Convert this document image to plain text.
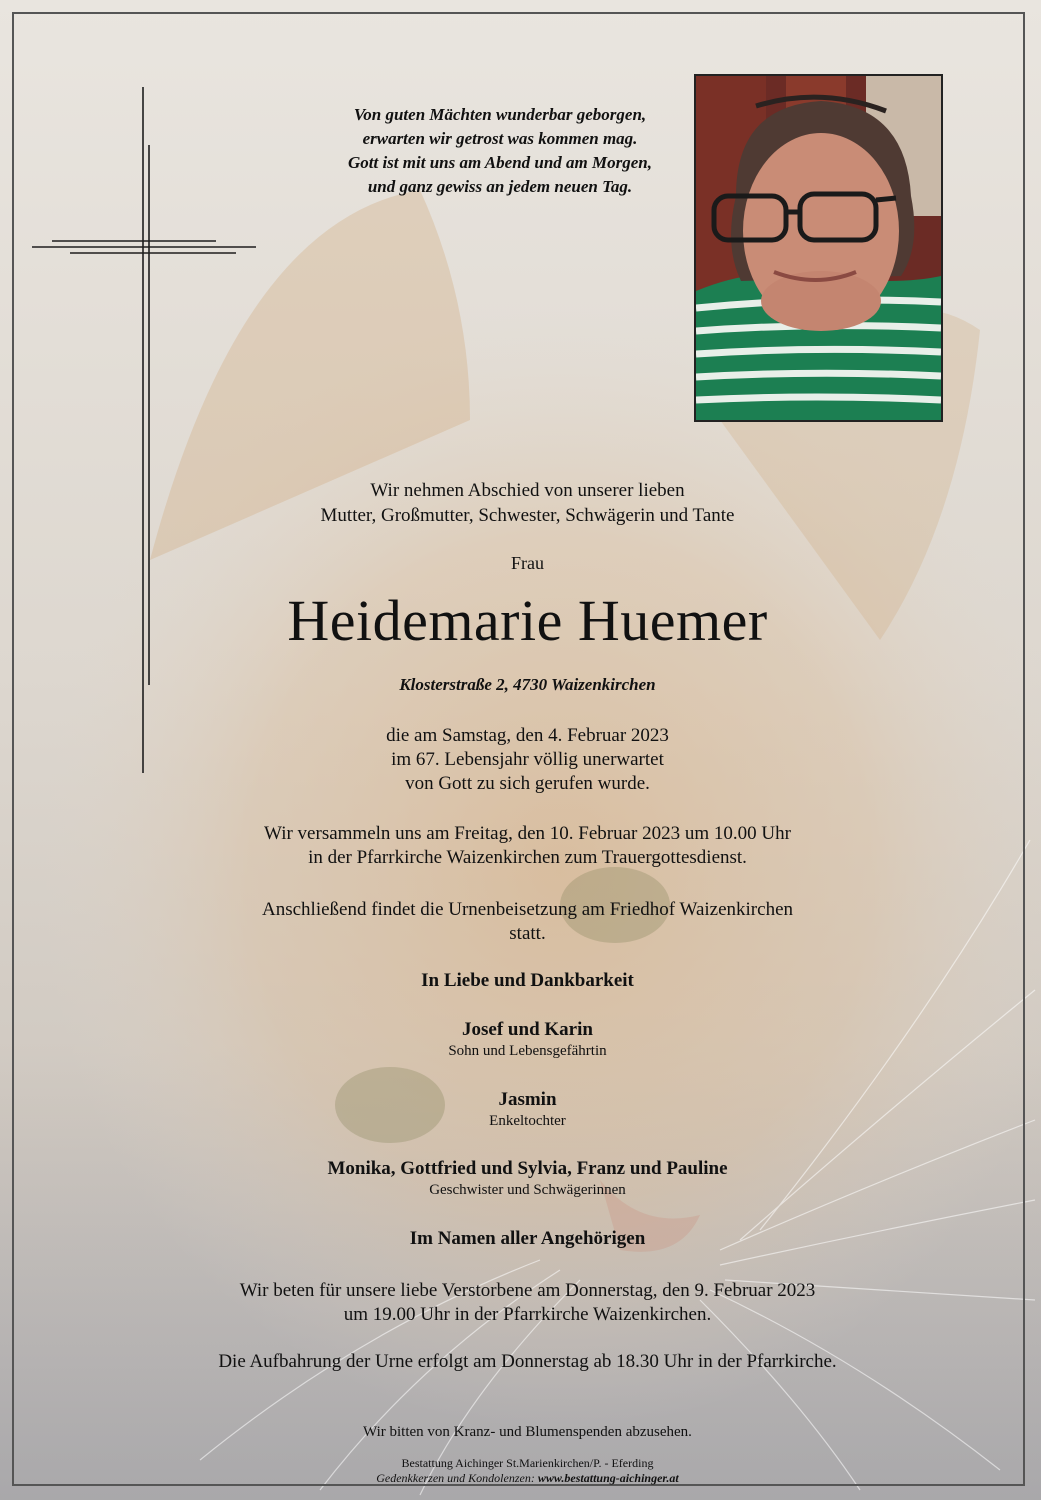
Von guten Mächten wunderbar geborgen,
erwarten wir getrost was kommen mag.
Gott ist mit uns am Abend und am Morgen,
und ganz gewiss an jedem neuen Tag.
Wir nehmen Abschied von unserer lieben
Mutter, Großmutter, Schwester, Schwägerin und Tante
Frau
Heidemarie Huemer
Klosterstraße 2, 4730 Waizenkirchen
die am Samstag, den 4. Februar 2023
im 67. Lebensjahr völlig unerwartet
von Gott zu sich gerufen wurde.
Wir versammeln uns am Freitag, den 10. Februar 2023 um 10.00 Uhr
in der Pfarrkirche Waizenkirchen zum Trauergottesdienst.
Anschließend findet die Urnenbeisetzung am Friedhof Waizenkirchen
statt.
In Liebe und Dankbarkeit
Josef und Karin
Sohn und Lebensgefährtin
Jasmin
Enkeltochter
Monika, Gottfried und Sylvia, Franz und Pauline
Geschwister und Schwägerinnen
Im Namen aller Angehörigen
Wir beten für unsere liebe Verstorbene am Donnerstag, den 9. Februar 2023
um 19.00 Uhr in der Pfarrkirche Waizenkirchen.
Die Aufbahrung der Urne erfolgt am Donnerstag ab 18.30 Uhr in der Pfarrkirche.
Wir bitten von Kranz- und Blumenspenden abzusehen.
Bestattung Aichinger St.Marienkirchen/P. - Eferding
Gedenkkerzen und Kondolenzen: www.bestattung-aichinger.at
